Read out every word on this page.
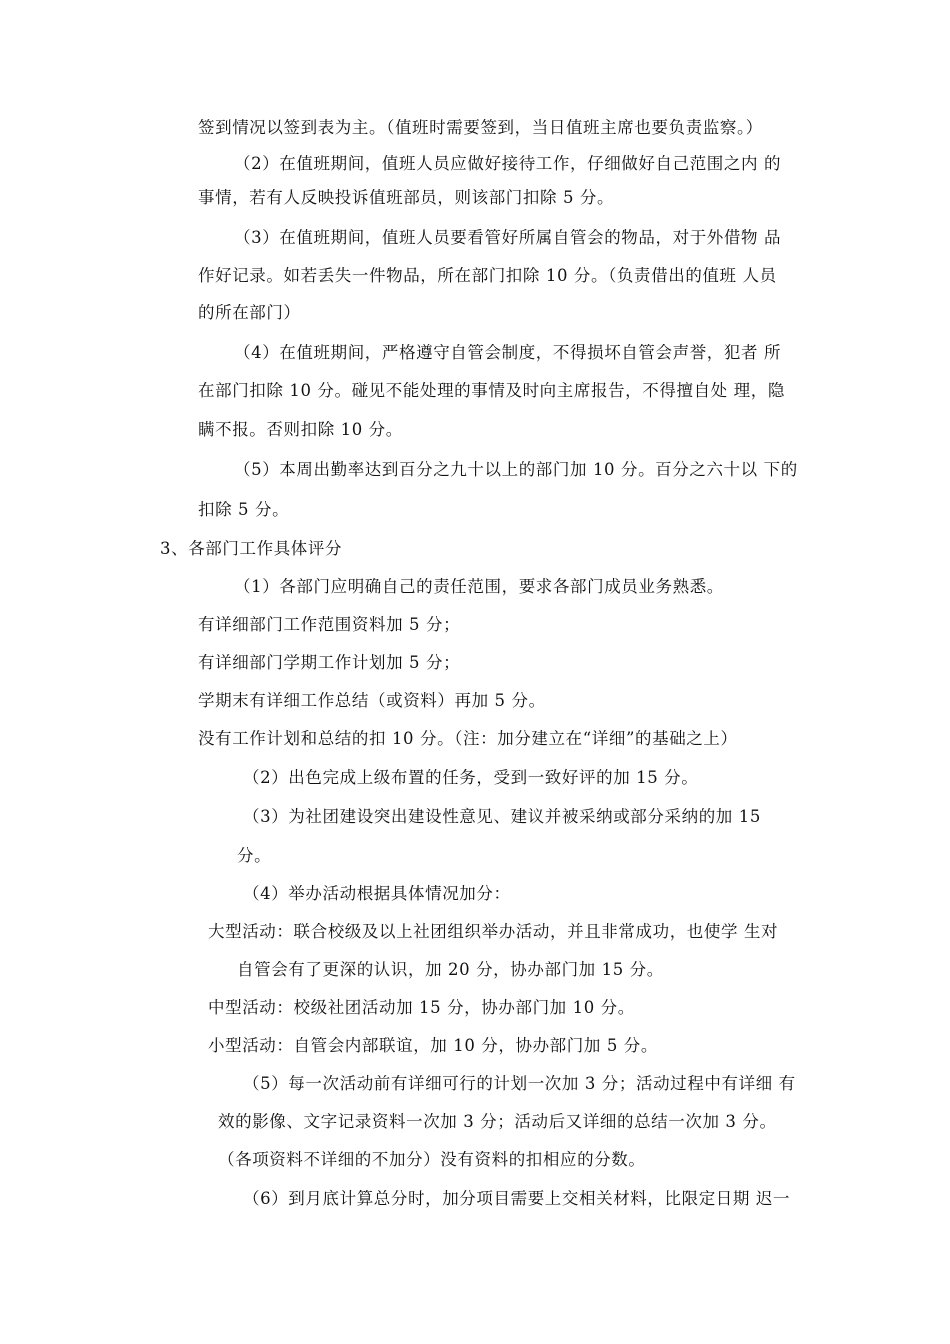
签到情况以签到表为主。（值班时需要签到，当日值班主席也要负责监察。）
（2）在值班期间，值班人员应做好接待工作，仔细做好自己范围之内 的
事情，若有人反映投诉值班部员，则该部门扣除 5 分。
（3）在值班期间，值班人员要看管好所属自管会的物品，对于外借物 品
作好记录。如若丢失一件物品，所在部门扣除 10 分。（负责借出的值班 人员
的所在部门）
（4）在值班期间，严格遵守自管会制度，不得损坏自管会声誉，犯者 所
在部门扣除 10 分。碰见不能处理的事情及时向主席报告，不得擅自处 理，隐
瞒不报。否则扣除 10 分。
（5）本周出勤率达到百分之九十以上的部门加 10 分。百分之六十以 下的
扣除 5 分。
3、各部门工作具体评分
（1）各部门应明确自己的责任范围，要求各部门成员业务熟悉。
有详细部门工作范围资料加 5 分；
有详细部门学期工作计划加 5 分；
学期末有详细工作总结（或资料）再加 5 分。
没有工作计划和总结的扣 10 分。（注：加分建立在“详细”的基础之上）
（2）出色完成上级布置的任务，受到一致好评的加 15 分。
（3）为社团建设突出建设性意见、建议并被采纳或部分采纳的加 15
分。
（4）举办活动根据具体情况加分：
大型活动：联合校级及以上社团组织举办活动，并且非常成功，也使学 生对
自管会有了更深的认识，加 20 分，协办部门加 15 分。
中型活动：校级社团活动加 15 分，协办部门加 10 分。
小型活动：自管会内部联谊，加 10 分，协办部门加 5 分。
（5）每一次活动前有详细可行的计划一次加 3 分；活动过程中有详细 有
效的影像、文字记录资料一次加 3 分；活动后又详细的总结一次加 3 分。
（各项资料不详细的不加分）没有资料的扣相应的分数。
（6）到月底计算总分时，加分项目需要上交相关材料，比限定日期 迟一
